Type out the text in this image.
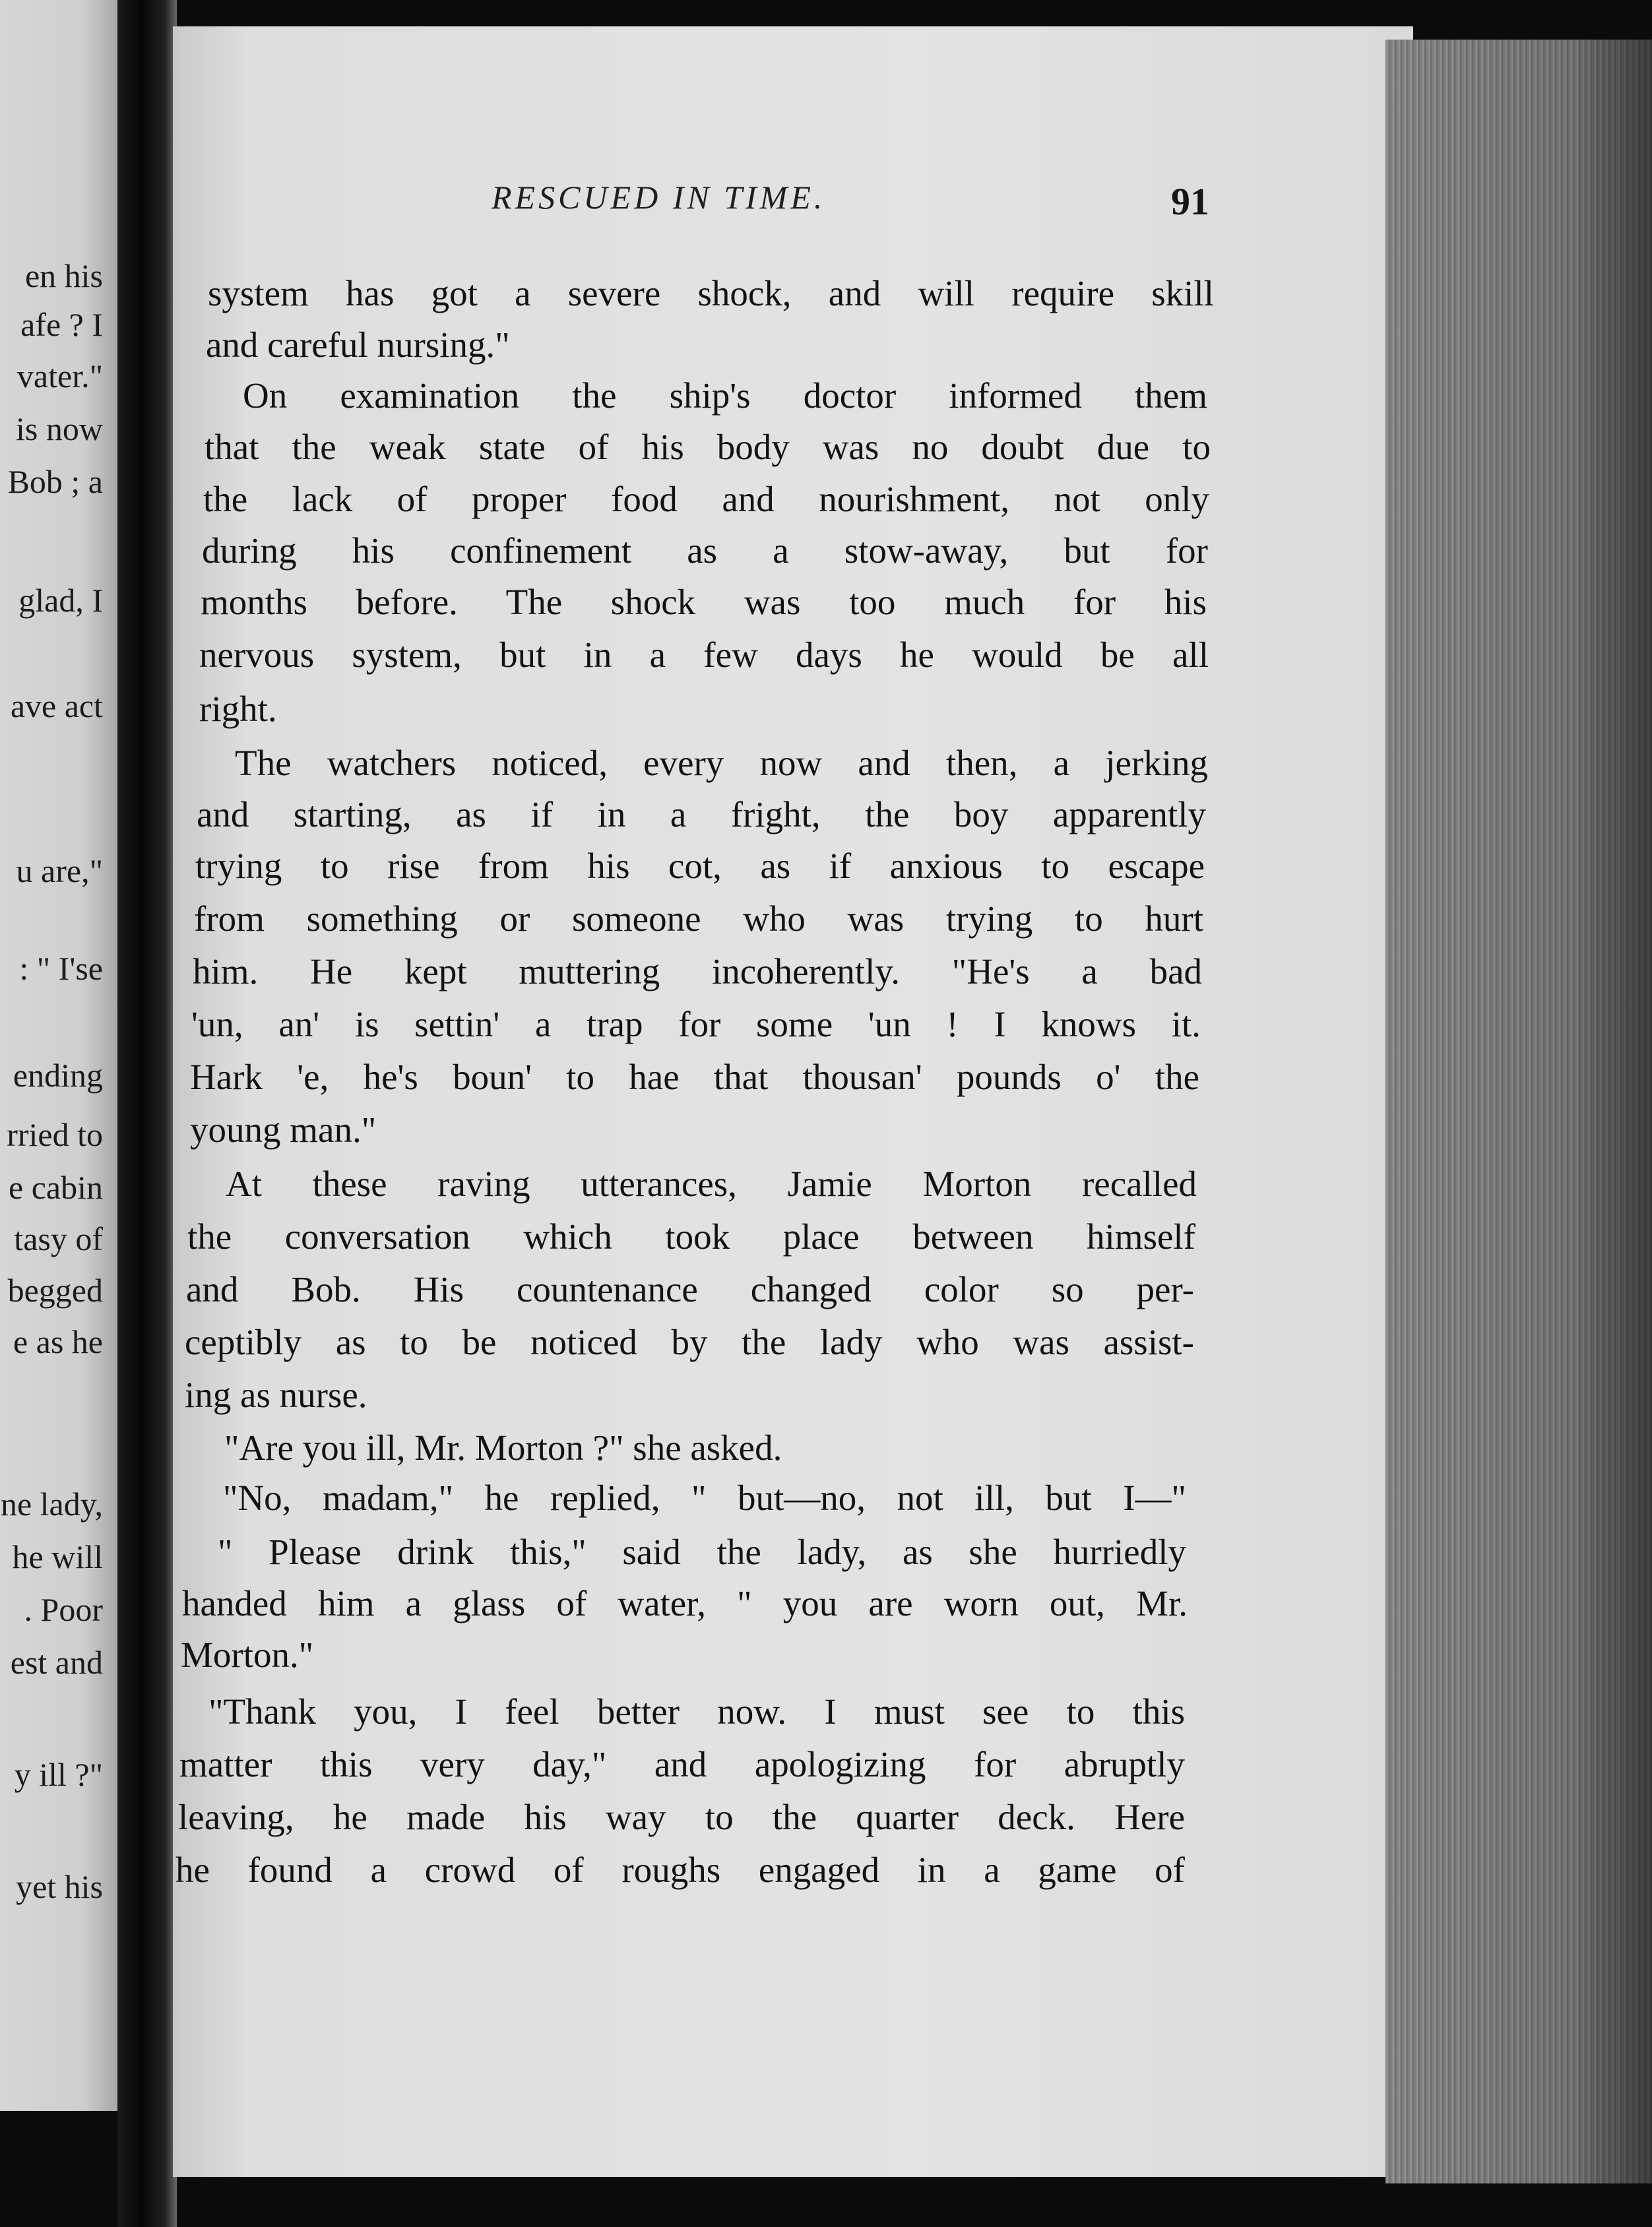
en his
afe ? I
vater."
is now
Bob ; a
glad, I
ave act
u are,"
: " I'se
ending
rried to
e cabin
tasy of
begged
e as he
ne lady,
he will
. Poor
est and
y ill ?"
yet his
RESCUED IN TIME.	91
system has got a severe shock, and will require skill
and careful nursing."
On examination the ship's doctor informed them
that the weak state of his body was no doubt due to
the lack of proper food and nourishment, not only
during his confinement as a stow-away, but for
months before. The shock was too much for his
nervous system, but in a few days he would be all
right.
The watchers noticed, every now and then, a jerking
and starting, as if in a fright, the boy apparently
trying to rise from his cot, as if anxious to escape
from something or someone who was trying to hurt
him. He kept muttering incoherently. "He's a bad
'un, an' is settin' a trap for some 'un ! I knows it.
Hark 'e, he's boun' to hae that thousan' pounds o' the
young man."
At these raving utterances, Jamie Morton recalled
the conversation which took place between himself
and Bob. His countenance changed color so per-
ceptibly as to be noticed by the lady who was assist-
ing as nurse.
"Are you ill, Mr. Morton ?" she asked.
"No, madam," he replied, " but—no, not ill, but I—"
" Please drink this," said the lady, as she hurriedly
handed him a glass of water, " you are worn out, Mr.
Morton."
"Thank you, I feel better now. I must see to this
matter this very day," and apologizing for abruptly
leaving, he made his way to the quarter deck. Here
he found a crowd of roughs engaged in a game of
